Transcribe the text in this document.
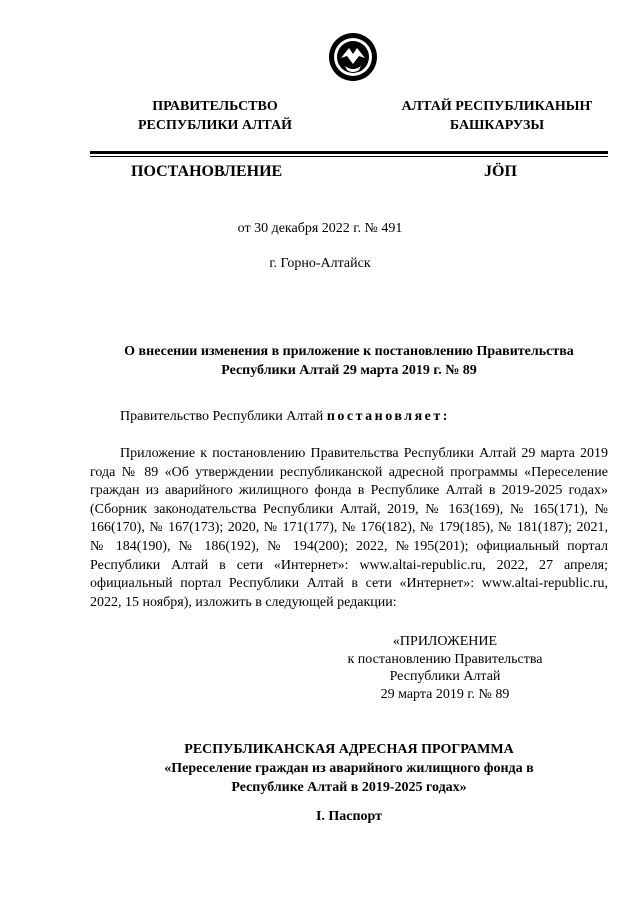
ПРАВИТЕЛЬСТВО
РЕСПУБЛИКИ АЛТАЙ
АЛТАЙ РЕСПУБЛИКАНЫҤ
БАШКАРУЗЫ
ПОСТАНОВЛЕНИЕ	JӦП
от 30 декабря 2022 г. № 491
г. Горно-Алтайск
О внесении изменения в приложение к постановлению Правительства
Республики Алтай 29 марта 2019 г. № 89
Правительство Республики Алтай постановляет:
Приложение к постановлению Правительства Республики Алтай 29 марта 2019 года № 89 «Об утверждении республиканской адресной программы «Переселение граждан из аварийного жилищного фонда в Республике Алтай в 2019-2025 годах» (Сборник законодательства Республики Алтай, 2019, № 163(169), № 165(171), № 166(170), № 167(173); 2020, № 171(177), № 176(182), № 179(185), № 181(187); 2021, № 184(190), № 186(192), № 194(200); 2022, №195(201); официальный портал Республики Алтай в сети «Интернет»: www.altai-republic.ru, 2022, 27 апреля; официальный портал Республики Алтай в сети «Интернет»: www.altai-republic.ru, 2022, 15 ноября), изложить в следующей редакции:
«ПРИЛОЖЕНИЕ
к постановлению Правительства
Республики Алтай
29 марта 2019 г. № 89
РЕСПУБЛИКАНСКАЯ АДРЕСНАЯ ПРОГРАММА
«Переселение граждан из аварийного жилищного фонда в
Республике Алтай в 2019-2025 годах»
I. Паспорт
